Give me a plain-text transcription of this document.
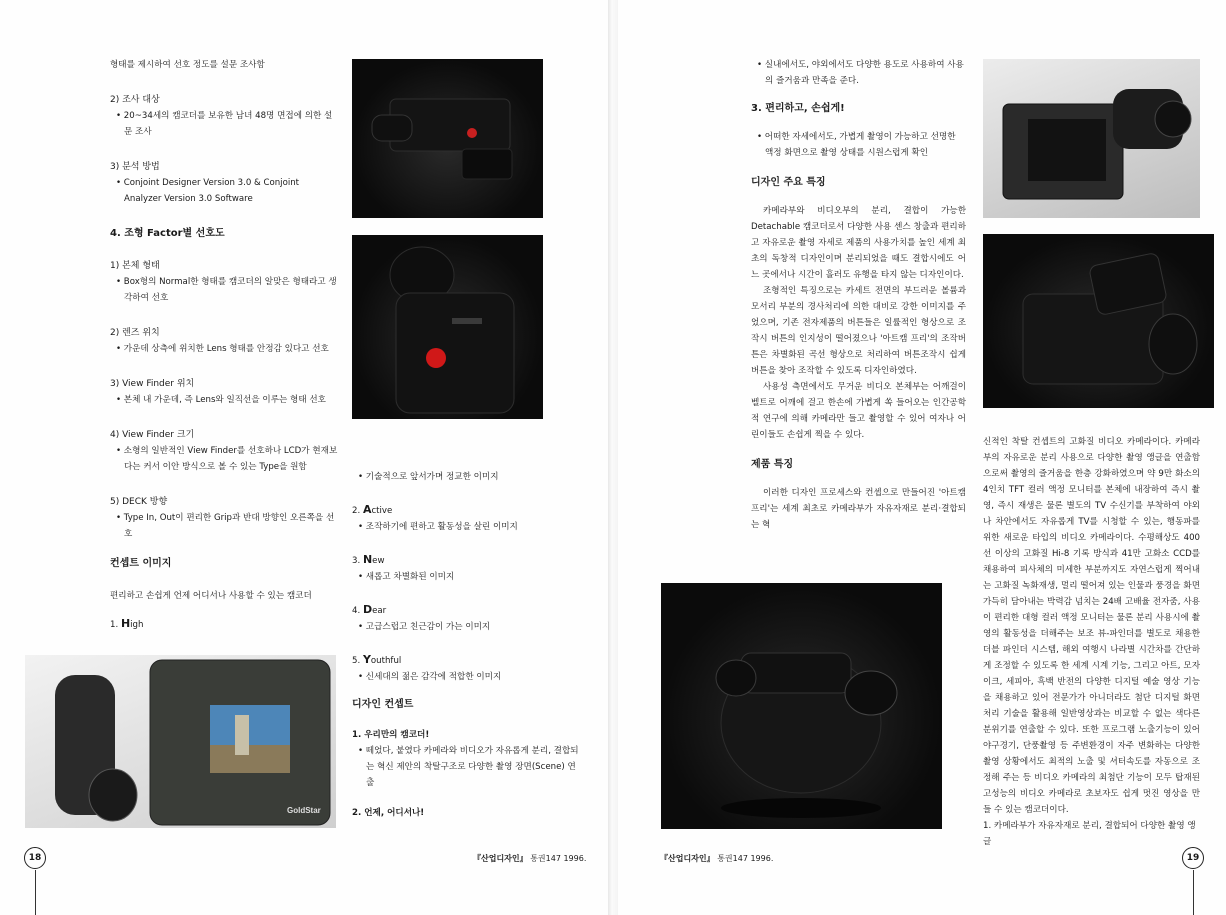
형태를 제시하여 선호 정도를 설문 조사함

2) 조사 대상

• 20~34세의 캠코더를 보유한 남녀 48명 면접에 의한 설문 조사

3) 분석 방법

• Conjoint Designer Version 3.0 & Conjoint Analyzer Version 3.0 Software

4. 조형 Factor별 선호도

1) 본체 형태

• Box형의 Normal한 형태를 캠코더의 알맞은 형태라고 생각하여 선호

2) 렌즈 위치

• 가운데 상측에 위치한 Lens 형태를 안정감 있다고 선호

3) View Finder 위치

• 본체 내 가운데, 즉 Lens와 일직선을 이루는 형태 선호

4) View Finder 크기

• 소형의 일반적인 View Finder를 선호하나 LCD가 현재보다는 커서 이안 방식으로 볼 수 있는 Type을 원함

5) DECK 방향

• Type In, Out이 편리한 Grip과 반대 방향인 오른쪽을 선호

컨셉트 이미지

편리하고 손쉽게 언제 어디서나 사용할 수 있는 캠코더

1. High

• 기술적으로 앞서가며 정교한 이미지

2. Active

• 조작하기에 편하고 활동성을 살린 이미지

3. New

• 새롭고 차별화된 이미지

4. Dear

• 고급스럽고 친근감이 가는 이미지

5. Youthful

• 신세대의 젊은 감각에 적합한 이미지

디자인 컨셉트

1. 우리만의 캠코더!

• 떼었다, 붙였다 카메라와 비디오가 자유롭게 분리, 결합되는 혁신 제안의 착탈구조로 다양한 촬영 장면(Scene) 연출

2. 언제, 어디서나!

GoldStar
18	『산업디자인』 통권147 1996.

• 실내에서도, 야외에서도 다양한 용도로 사용하여 사용의 즐거움과 만족을 준다.

3. 편리하고, 손쉽게!

• 어떠한 자세에서도, 가볍게 촬영이 가능하고 선명한 액정 화면으로 촬영 상태를 시원스럽게 확인

디자인 주요 특징

카메라부와 비디오부의 분리, 결합이 가능한 Detachable 캠코더로서 다양한 사용 센스 창출과 편리하고 자유로운 촬영 자세로 제품의 사용가치를 높인 세계 최초의 독창적 디자인이며 분리되었을 때도 결합시에도 어느 곳에서나 시간이 흘러도 유행을 타지 않는 디자인이다.

조형적인 특징으로는 카세트 전면의 부드러운 볼륨과 모서리 부분의 경사처리에 의한 대비로 강한 이미지를 주었으며, 기존 전자제품의 버튼들은 일률적인 형상으로 조작시 버튼의 인지성이 떨어졌으나 '아트캠 프리'의 조작버튼은 차별화된 곡선 형상으로 처리하여 버튼조작시 쉽게 버튼을 찾아 조작할 수 있도록 디자인하였다.

사용성 측면에서도 무거운 비디오 본체부는 어깨걸이 벨트로 어깨에 걸고 한손에 가볍게 쏙 들어오는 인간공학적 연구에 의해 카메라만 들고 촬영할 수 있어 여자나 어린이들도 손쉽게 찍을 수 있다.

제품 특징

이러한 디자인 프로세스와 컨셉으로 만들어진 '아트캠 프리'는 세계 최초로 카메라부가 자유자재로 분리·결합되는 혁

신적인 착탈 컨셉트의 고화질 비디오 카메라이다. 카메라부의 자유로운 분리 사용으로 다양한 촬영 앵글을 연출함으로써 촬영의 즐거움을 한층 강화하였으며 약 9만 화소의 4인치 TFT 컬러 액정 모니터를 본체에 내장하여 즉시 촬영, 즉시 재생은 물론 별도의 TV 수신기를 부착하여 야외나 차안에서도 자유롭게 TV를 시청할 수 있는, 행동파를 위한 새로운 타입의 비디오 카메라이다. 수평해상도 400선 이상의 고화질 Hi-8 기록 방식과 41만 고화소 CCD를 채용하여 피사체의 미세한 부분까지도 자연스럽게 찍어내는 고화질 녹화재생, 멀리 떨어져 있는 인물과 풍경을 화면 가득히 담아내는 박력감 넘치는 24배 고배율 전자줌, 사용이 편리한 대형 컬러 액정 모니터는 물론 분리 사용시에 촬영의 활동성을 더해주는 보조 뷰-파인더를 별도로 채용한 더블 파인더 시스템, 해외 여행시 나라별 시간차를 간단하게 조정할 수 있도록 한 세계 시계 기능, 그리고 아트, 모자이크, 세피아, 흑백 반전의 다양한 디지털 예술 영상 기능을 채용하고 있어 전문가가 아니더라도 첨단 디지털 화면처리 기술을 활용해 일반영상과는 비교할 수 없는 색다른 분위기를 연출할 수 있다. 또한 프로그램 노출기능이 있어 야구경기, 단풍촬영 등 주변환경이 자주 변화하는 다양한 촬영 상황에서도 최적의 노출 및 셔터속도를 자동으로 조정해 주는 등 비디오 카메라의 최첨단 기능이 모두 탑재된 고성능의 비디오 카메라로 초보자도 쉽게 멋진 영상을 만들 수 있는 캠코더이다.

1. 카메라부가 자유자재로 분리, 결합되어 다양한 촬영 앵글

19
『산업디자인』 통권147 1996.
